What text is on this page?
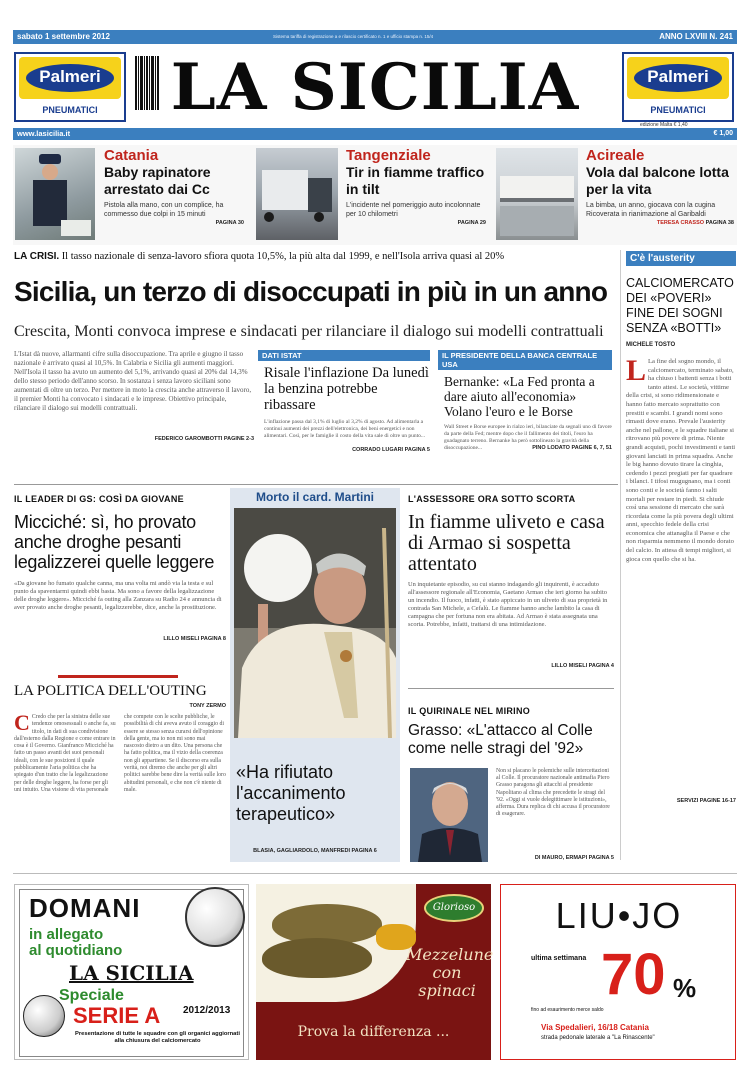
sabato 1 settembre 2012	Sistema tariffa di registrazione a e rilascio certificato n. 1 e ufficio stampa n. 15/4	ANNO LXVIII N. 241
Palmeri
PNEUMATICI	LA SICILIA	Palmeri
PNEUMATICI
www.lasicilia.it	€ 1,00
edizione Malta € 1,40
Catania
Baby rapinatore arrestato dai Cc
Pistola alla mano, con un complice, ha commesso due colpi in 15 minuti
PAGINA 30
Tangenziale
Tir in fiamme traffico in tilt
L'incidente nel pomeriggio auto incolonnate per 10 chilometri
PAGINA 29
Acireale
Vola dal balcone lotta per la vita
La bimba, un anno, giocava con la cugina Ricoverata in rianimazione al Garibaldi
TERESA CRASSO PAGINA 38
LA CRISI. Il tasso nazionale di senza-lavoro sfiora quota 10,5%, la più alta dal 1999, e nell'Isola arriva quasi al 20%
Sicilia, un terzo di disoccupati in più in un anno
Crescita, Monti convoca imprese e sindacati per rilanciare il dialogo sui modelli contrattuali
L'Istat dà nuove, allarmanti cifre sulla disoccupazione. Tra aprile e giugno il tasso nazionale è arrivato quasi al 10,5%. In Calabria e Sicilia gli aumenti maggiori. Nell'Isola il tasso ha avuto un aumento del 5,1%, arrivando quasi al 20% dal 14,3% dello stesso periodo dell'anno scorso. In sostanza i senza lavoro siciliani sono aumentati di oltre un terzo. Per mettere in moto la crescita anche attraverso il lavoro, il premier Monti ha convocato i sindacati e le imprese. Obiettivo principale, rilanciare il dialogo sui modelli contrattuali.
FEDERICO GAROMBOTTI PAGINE 2-3
DATI ISTAT
Risale l'inflazione Da lunedì la benzina potrebbe ribassare
L'inflazione passa dal 3,1% di luglio al 3,2% di agosto. Ad alimentarla a continui aumenti dei prezzi dell'elettronica, dei beni energetici e non alimentari. Così, per le famiglie il costo della vita sale di oltre un punto...
CORRADO LUGARI PAGINA 5
IL PRESIDENTE DELLA BANCA CENTRALE USA
Bernanke: «La Fed pronta a dare aiuto all'economia» Volano l'euro e le Borse
Wall Street e Borse europee in rialzo ieri, bilanciate da segnali uno di favore da parte della Fed; mentre dopo che il fallimento dei titoli, l'euro ha guadagnato terreno. Bernanke ha però sottolineato la gravità della disoccupazione...	PINO LODATO PAGINE 6, 7, 51
C'è l'austerity
CALCIOMERCATO DEI «POVERI» FINE DEI SOGNI SENZA «BOTTI»
MICHELE TOSTO
L La fine del sogno mondo, il calciomercato, terminato sabato, ha chiuso i battenti senza i botti tanto attesi. Le società, vittime della crisi, si sono ridimensionate e hanno fatto mercato soprattutto con prestiti e scambi. I grandi nomi sono rimasti dove erano. Prevale l'austerity anche nel pallone, e le squadre italiane si ritrovano più povere di prima. Niente grandi acquisti, pochi investimenti e tanti giovani lanciati in prima squadra. Anche le big hanno dovuto tirare la cinghia, cedendo i pezzi pregiati per far quadrare i bilanci. I tifosi mugugnano, ma i conti sono conti e le società fanno i salti mortali per restare in piedi. Si chiude così una sessione di mercato che sarà ricordata come la più povera degli ultimi anni, specchio fedele della crisi economica che attanaglia il Paese e che non risparmia nemmeno il mondo dorato del calcio. In attesa di tempi migliori, si gioca con quello che si ha.
SERVIZI PAGINE 16-17
IL LEADER DI GS: COSÌ DA GIOVANE
Micciché: sì, ho provato anche droghe pesanti legalizzerei quelle leggere
«Da giovane ho fumato qualche canna, ma una volta mi andò via la testa e sul punto da spaventarmi quindi ebbi basta. Ma sono a favore della legalizzazione delle droghe leggere». Micciché fa outing alla Zanzara su Radio 24 e annuncia di aver provato anche droghe pesanti, legalizzerebbe, dice, anche la prostituzione.
LILLO MISELI PAGINA 8
LA POLITICA DELL'OUTING
TONY ZERMO
C Credo che per la sinistra delle sue tendenze omosessuali o anche fa, su titolo, in dati di sua condivisione dall'esterno dalla Regione e come entrare in cosa è il Governo. Gianfranco Micciché ha fatto un passo avanti dei suoi personali ideali, con le sue posizioni il quale pubblicamente l'aria politica che ha spiegato d'un tratto che la legalizzazione per delle droghe leggere, ha forse per gli uni intuito. Una visione di vita personale che compete con le scelte pubbliche, le possibilità di chi aveva avuto il coraggio di essere se stesso senza curarsi dell'opinione della gente, ma io non mi sono mai nascosto dietro a un dito. Una persona che ha fatto politica, ma il vizio della coerenza non gli appartiene. Se il discorso era sulla verità, noi diremo che anche per gli altri politici sarebbe bene dire la verità sulle loro abitudini personali, e che non c'è niente di male.
Morto il card. Martini
«Ha rifiutato l'accanimento terapeutico»
BLASIA, GAGLIARDOLO, MANFREDI PAGINA 6
L'ASSESSORE ORA SOTTO SCORTA
In fiamme uliveto e casa di Armao si sospetta attentato
Un inquietante episodio, su cui stanno indagando gli inquirenti, è accaduto all'assessore regionale all'Economia, Gaetano Armao che ieri giorno ha subito un incendio. Il fuoco, infatti, è stato appiccato in un uliveto di sua proprietà in contrada San Michele, a Cefalù. Le fiamme hanno anche lambito la casa di campagna che per fortuna non era abitata. Ad Armao è stata assegnata una scorta. Potrebbe, infatti, trattarsi di una intimidazione.
LILLO MISELI PAGINA 4
IL QUIRINALE NEL MIRINO
Grasso: «L'attacco al Colle come nelle stragi del '92»
Non si placano le polemiche sulle intercettazioni al Colle. Il procuratore nazionale antimafia Piero Grasso paragona gli attacchi al presidente Napolitano al clima che precedette le stragi del '92. «Oggi si vuole delegittimare le istituzioni», afferma. Dura replica di chi accusa il procuratore di esagerare.
DI MAURO, ERMAPI PAGINA 5
DOMANI
in allegato
al quotidiano
LA SICILIA
Speciale
SERIE A 2012/2013
Presentazione di tutte le squadre con gli organici aggiornati alla chiusura del calciomercato
Glorioso
Mezzelune con spinaci
Prova la differenza ...
LIU•JO
ultima settimana 70 %
fino ad esaurimento merce saldo
Via Spedalieri, 16/18 Catania
strada pedonale laterale a "La Rinascente"
